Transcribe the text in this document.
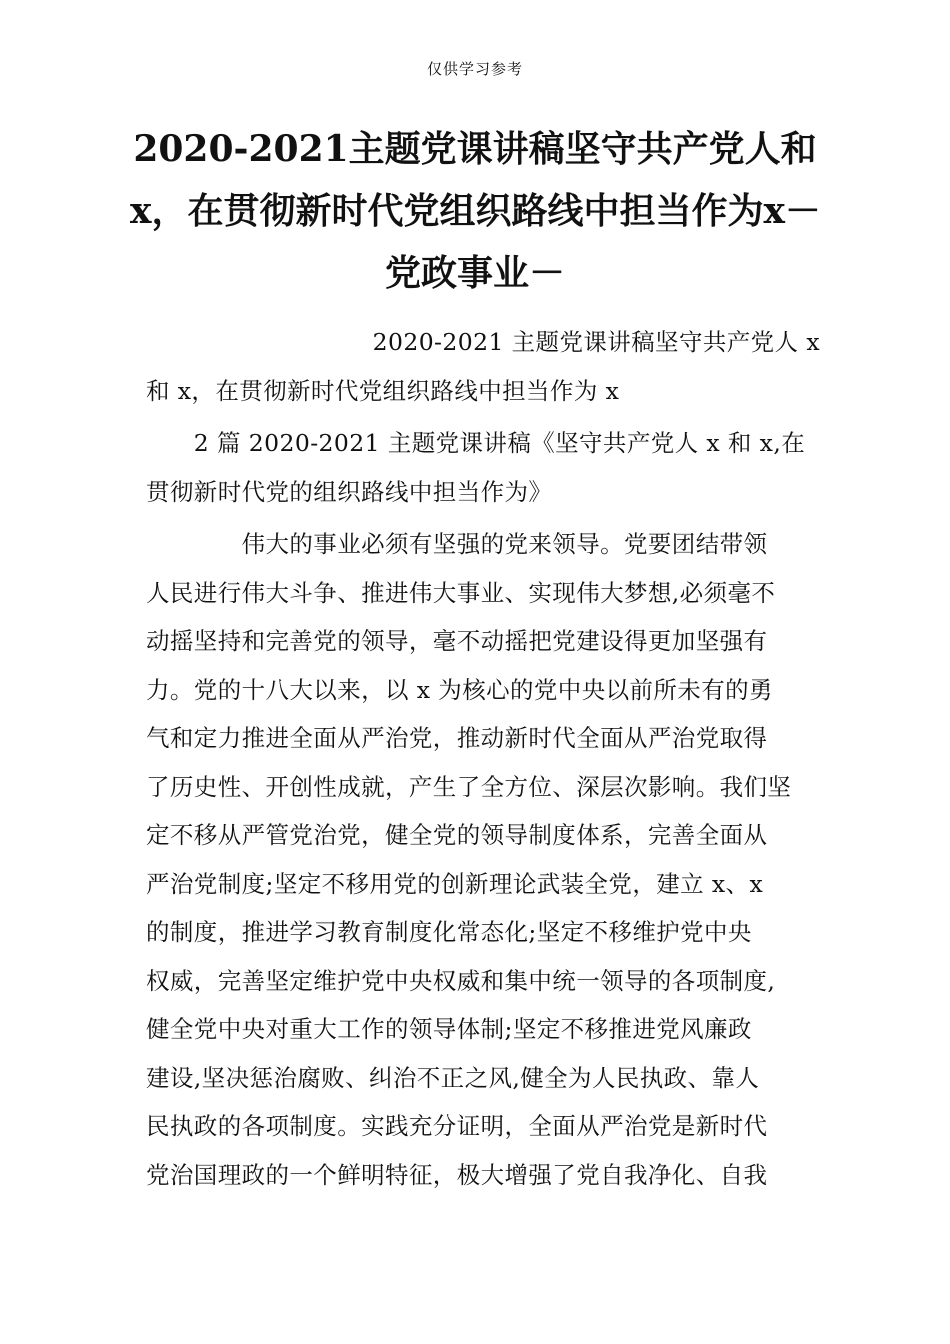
仅供学习参考
2020-2021主题党课讲稿坚守共产党人和
x，在贯彻新时代党组织路线中担当作为x－
党政事业－
2020-2021 主题党课讲稿坚守共产党人 x
和 x，在贯彻新时代党组织路线中担当作为 x
　　2 篇 2020-2021 主题党课讲稿《坚守共产党人 x 和 x,在
贯彻新时代党的组织路线中担当作为》
　　　　伟大的事业必须有坚强的党来领导。党要团结带领
人民进行伟大斗争、推进伟大事业、实现伟大梦想,必须毫不
动摇坚持和完善党的领导，毫不动摇把党建设得更加坚强有
力。党的十八大以来，以 x 为核心的党中央以前所未有的勇
气和定力推进全面从严治党，推动新时代全面从严治党取得
了历史性、开创性成就，产生了全方位、深层次影响。我们坚
定不移从严管党治党，健全党的领导制度体系，完善全面从
严治党制度;坚定不移用党的创新理论武装全党，建立 x、x
的制度，推进学习教育制度化常态化;坚定不移维护党中央
权威，完善坚定维护党中央权威和集中统一领导的各项制度,
健全党中央对重大工作的领导体制;坚定不移推进党风廉政
建设,坚决惩治腐败、纠治不正之风,健全为人民执政、靠人
民执政的各项制度。实践充分证明，全面从严治党是新时代
党治国理政的一个鲜明特征，极大增强了党自我净化、自我
